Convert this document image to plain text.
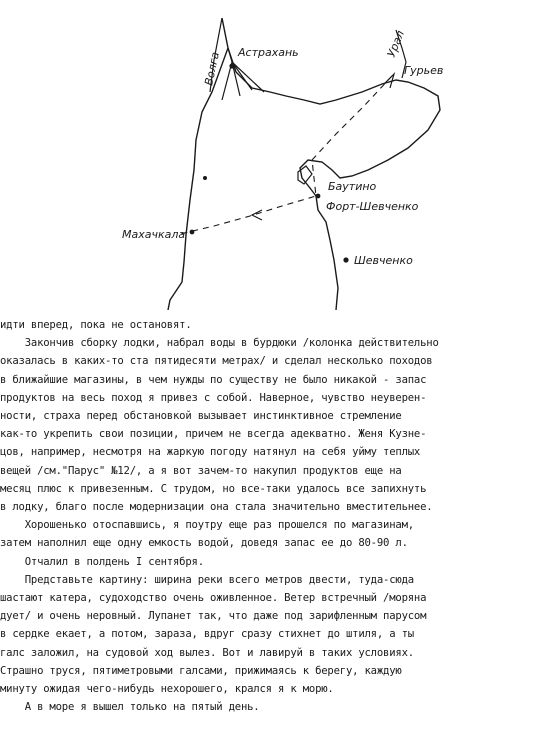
Волга Астрахань	Урал
Гурьев
Баутино
Форт-Шевченко
Махачкала
Шевченко

идти вперед, пока не остановят.

Закончив сборку лодки, набрал воды в бурдюки /колонка действительно

оказалась в каких-то ста пятидесяти метрах/ и сделал несколько походов

в ближайшие магазины, в чем нужды по существу не было никакой - запас

продуктов на весь поход я привез с собой. Наверное, чувство неуверен-

ности, страха перед обстановкой вызывает инстинктивное стремление

как-то укрепить свои позиции, причем не всегда адекватно. Женя Кузне-

цов, например, несмотря на жаркую погоду натянул на себя уйму теплых

вещей /см."Парус" №12/, а я вот зачем-то накупил продуктов еще на

месяц плюс к привезенным. С трудом, но все-таки удалось все запихнуть

в лодку, благо после модернизации она стала значительно вместительнее.

Хорошенько отоспавшись, я поутру еще раз прошелся по магазинам,

затем наполнил еще одну емкость водой, доведя запас ее до 80-90 л.

Отчалил в полдень I сентября.

Представьте картину: ширина реки всего метров двести, туда-сюда

шастают катера, судоходство очень оживленное. Ветер встречный /моряна

дует/ и очень неровный. Лупанет так, что даже под зарифленным парусом

в сердке екает, а потом, зараза, вдруг сразу стихнет до штиля, а ты

галс заложил, на судовой ход вылез. Вот и лавируй в таких условиях.

Страшно труся, пятиметровыми галсами, прижимаясь к берегу, каждую

минуту ожидая чего-нибудь нехорошего, крался я к морю.

А в море я вышел только на пятый день.
